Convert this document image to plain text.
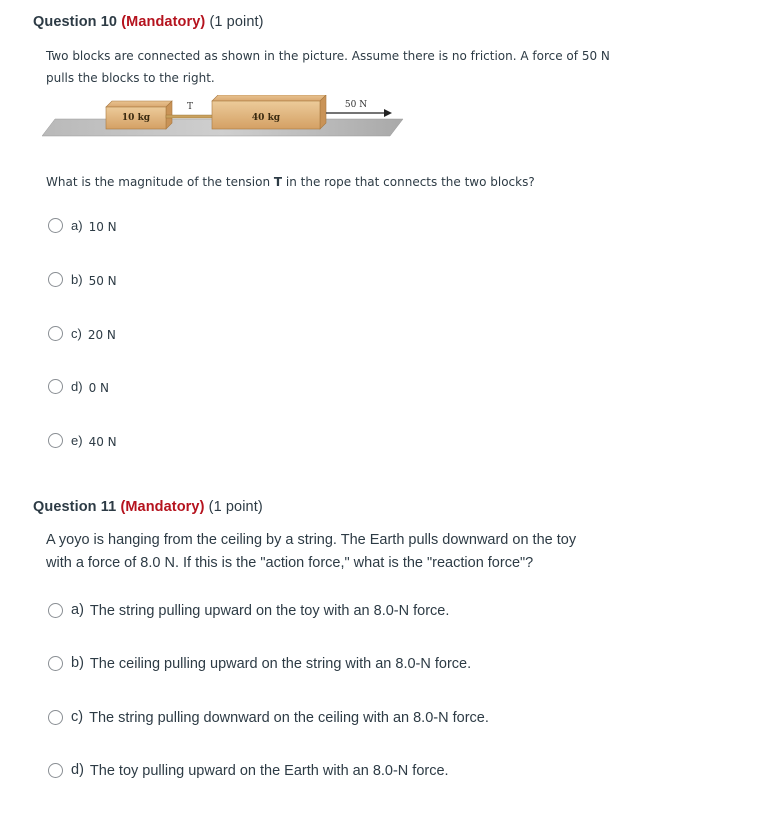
Question 10 (Mandatory) (1 point)
Two blocks are connected as shown in the picture. Assume there is no friction. A force of 50 N
pulls the blocks to the right.
10 kg
T
40 kg
50 N
What is the magnitude of the tension T in the rope that connects the two blocks?
a) 10 N
b) 50 N
c) 20 N
d) 0 N
e) 40 N
Question 11 (Mandatory) (1 point)
A yoyo is hanging from the ceiling by a string. The Earth pulls downward on the toy
with a force of 8.0 N. If this is the "action force," what is the "reaction force"?
a) The string pulling upward on the toy with an 8.0-N force.
b) The ceiling pulling upward on the string with an 8.0-N force.
c) The string pulling downward on the ceiling with an 8.0-N force.
d) The toy pulling upward on the Earth with an 8.0-N force.
